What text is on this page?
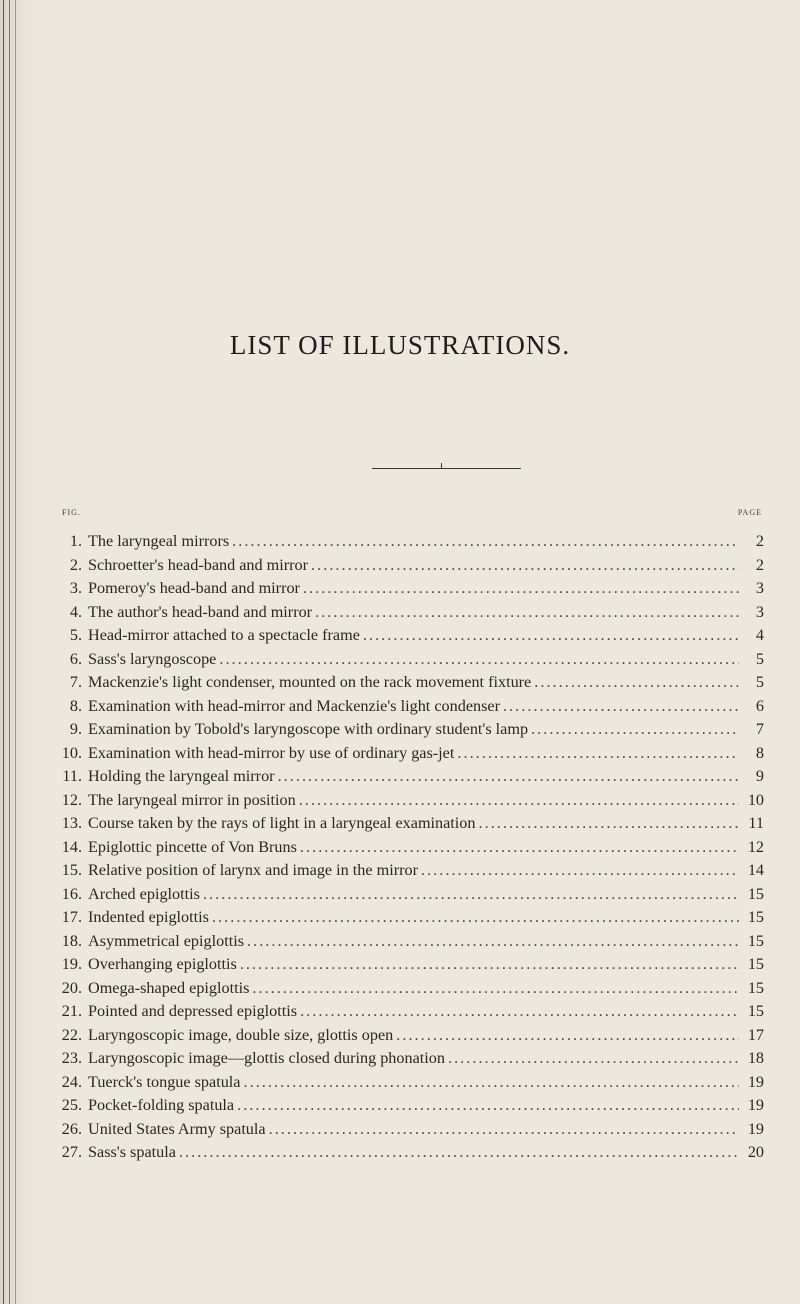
LIST OF ILLUSTRATIONS.
FIG.	PAGE
1. The laryngeal mirrors . . .	2
2. Schroetter's head-band and mirror . . .	2
3. Pomeroy's head-band and mirror . . .	3
4. The author's head-band and mirror . . .	3
5. Head-mirror attached to a spectacle frame . . .	4
6. Sass's laryngoscope . . .	5
7. Mackenzie's light condenser, mounted on the rack movement fixture . . .	5
8. Examination with head-mirror and Mackenzie's light condenser . . .	6
9. Examination by Tobold's laryngoscope with ordinary student's lamp . . .	7
10. Examination with head-mirror by use of ordinary gas-jet . . .	8
11. Holding the laryngeal mirror . . .	9
12. The laryngeal mirror in position . . .	10
13. Course taken by the rays of light in a laryngeal examination . . .	11
14. Epiglottic pincette of Von Bruns . . .	12
15. Relative position of larynx and image in the mirror . . .	14
16. Arched epiglottis . . .	15
17. Indented epiglottis . . .	15
18. Asymmetrical epiglottis . . .	15
19. Overhanging epiglottis . . .	15
20. Omega-shaped epiglottis . . .	15
21. Pointed and depressed epiglottis . . .	15
22. Laryngoscopic image, double size, glottis open . . .	17
23. Laryngoscopic image—glottis closed during phonation . . .	18
24. Tuerck's tongue spatula . . .	19
25. Pocket-folding spatula . . .	19
26. United States Army spatula . . .	19
27. Sass's spatula . . .	20
